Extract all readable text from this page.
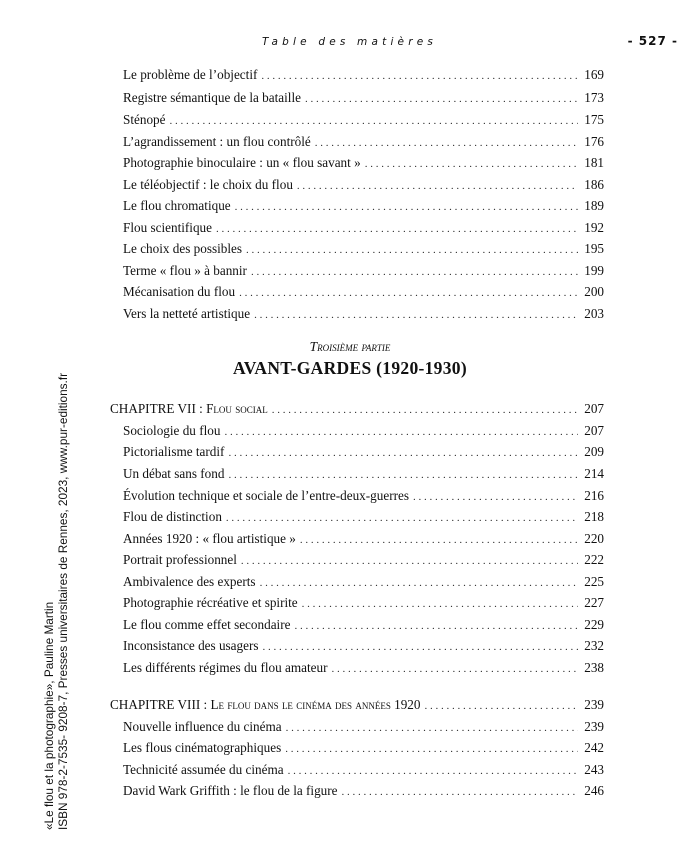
Table des matières	- 527 -
Le problème de l’objectif . . .	169
Registre sémantique de la bataille . . .	173
Sténopé . . .	175
L’agrandissement : un flou contrôlé . . .	176
Photographie binoculaire : un « flou savant » . . .	181
Le téléobjectif : le choix du flou . . .	186
Le flou chromatique . . .	189
Flou scientifique . . .	192
Le choix des possibles . . .	195
Terme « flou » à bannir . . .	199
Mécanisation du flou . . .	200
Vers la netteté artistique . . .	203
Troisième partie
AVANT-GARDES (1920-1930)
CHAPITRE VII : Flou social . . .	207
Sociologie du flou . . .	207
Pictorialisme tardif . . .	209
Un débat sans fond . . .	214
Évolution technique et sociale de l’entre-deux-guerres . . .	216
Flou de distinction . . .	218
Années 1920 : « flou artistique » . . .	220
Portrait professionnel . . .	222
Ambivalence des experts . . .	225
Photographie récréative et spirite . . .	227
Le flou comme effet secondaire . . .	229
Inconsistance des usagers . . .	232
Les différents régimes du flou amateur . . .	238
CHAPITRE VIII : Le flou dans le cinéma des années 1920 . . .	239
Nouvelle influence du cinéma . . .	239
Les flous cinématographiques . . .	242
Technicité assumée du cinéma . . .	243
David Wark Griffith : le flou de la figure . . .	246
«Le flou et la photographie», Pauline Martin ISBN 978-2-7535- 9208-7, Presses universitaires de Rennes, 2023, www.pur-editions.fr
